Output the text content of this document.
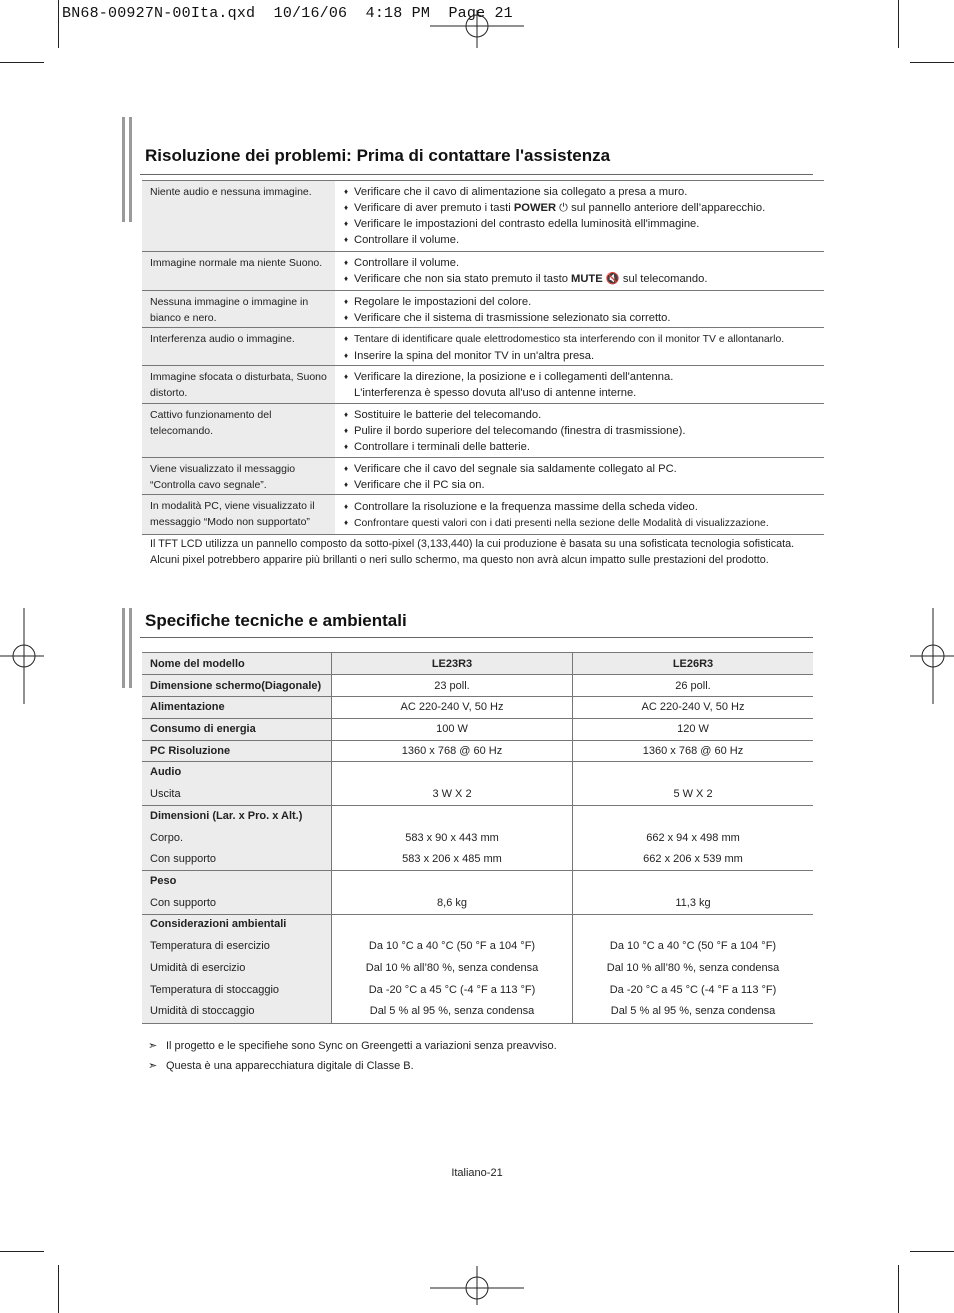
BN68-00927N-00Ita.qxd  10/16/06  4:18 PM  Page 21
Risoluzione dei problemi: Prima di contattare l'assistenza
Niente audio e nessuna immagine.	♦ Verificare che il cavo di alimentazione sia collegato a presa a muro.
♦ Verificare di aver premuto i tasti POWER ⏻ sul pannello anteriore dell’apparecchio.
♦ Verificare le impostazioni del contrasto edella luminosità ell'immagine.
♦ Controllare il volume.
Immagine normale ma niente Suono.	♦ Controllare il volume.
♦ Verificare che non sia stato premuto il tasto MUTE 🔇 sul telecomando.
Nessuna immagine o immagine in bianco e nero.
♦ Regolare le impostazioni del colore.
♦ Verificare che il sistema di trasmissione selezionato sia corretto.
Interferenza audio o immagine.	♦ Tentare di identificare quale elettrodomestico sta interferendo con il monitor TV e allontanarlo.
♦ Inserire la spina del monitor TV in un'altra presa.
Immagine sfocata o disturbata, Suono distorto.
♦ Verificare la direzione, la posizione e i collegamenti dell'antenna.
L'interferenza è spesso dovuta all'uso di antenne interne.
Cattivo funzionamento del telecomando.
♦ Sostituire le batterie del telecomando.
♦ Pulire il bordo superiore del telecomando (finestra di trasmissione).
♦ Controllare i terminali delle batterie.
Viene visualizzato il messaggio “Controlla cavo segnale”.
♦ Verificare che il cavo del segnale sia saldamente collegato al PC.
♦ Verificare che il PC sia on.
In modalità PC, viene visualizzato il messaggio “Modo non supportato”
♦ Controllare la risoluzione e la frequenza massime della scheda video.
♦ Confrontare questi valori con i dati presenti nella sezione delle Modalità di visualizzazione.
Il TFT LCD utilizza un pannello composto da sotto-pixel (3,133,440) la cui produzione è basata su una sofisticata tecnologia sofisticata.
Alcuni pixel potrebbero apparire più brillanti o neri sullo schermo, ma questo non avrà alcun impatto sulle prestazioni del prodotto.
Specifiche tecniche e ambientali
Nome del modello	LE23R3	LE26R3
Dimensione schermo(Diagonale)	23 poll.	26 poll.
Alimentazione	AC 220-240 V, 50 Hz	AC 220-240 V, 50 Hz
Consumo di energia	100 W	120 W
PC Risoluzione	1360 x 768 @ 60 Hz	1360 x 768 @ 60 Hz
Audio
Uscita	3 W X 2	5 W X 2
Dimensioni (Lar. x Pro. x Alt.)
Corpo.	583 x 90 x 443 mm	662 x 94 x 498 mm
Con supporto	583 x 206 x 485 mm	662 x 206 x 539 mm
Peso
Con supporto	8,6 kg	11,3 kg
Considerazioni ambientali
Temperatura di esercizio	Da 10 °C a 40 °C (50 °F a 104 °F)	Da 10 °C a 40 °C (50 °F a 104 °F)
Umidità di esercizio	Dal 10 % all’80 %, senza condensa	Dal 10 % all’80 %, senza condensa
Temperatura di stoccaggio	Da -20 °C a 45 °C (-4 °F a 113 °F)	Da -20 °C a 45 °C (-4 °F a 113 °F)
Umidità di stoccaggio	Dal 5 % al 95 %, senza condensa	Dal 5 % al 95 %, senza condensa
➣ Il progetto e le specifiehe sono Sync on Greengetti a variazioni senza preavviso.
➣ Questa è una apparecchiatura digitale di Classe B.
Italiano-21
